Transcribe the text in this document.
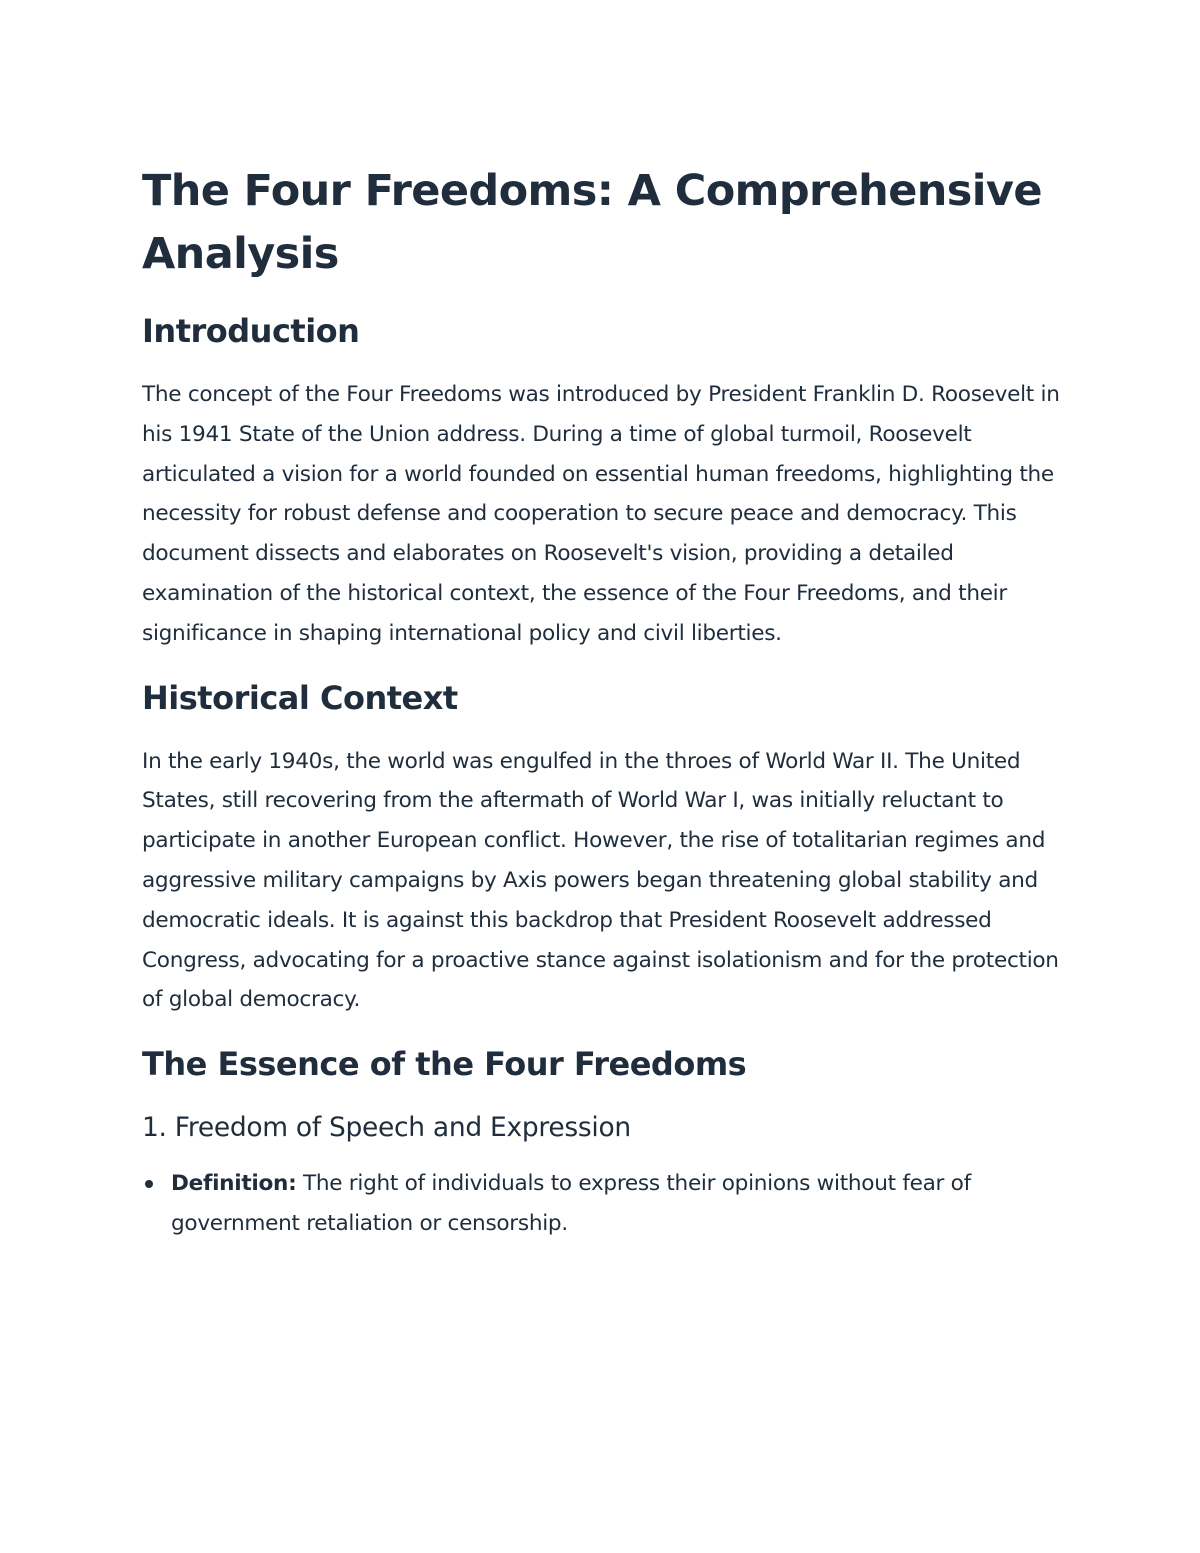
The Four Freedoms: A Comprehensive Analysis
Introduction

The concept of the Four Freedoms was introduced by President Franklin D. Roosevelt in his 1941 State of the Union address. During a time of global turmoil, Roosevelt articulated a vision for a world founded on essential human freedoms, highlighting the necessity for robust defense and cooperation to secure peace and democracy. This document dissects and elaborates on Roosevelt's vision, providing a detailed examination of the historical context, the essence of the Four Freedoms, and their significance in shaping international policy and civil liberties.

Historical Context

In the early 1940s, the world was engulfed in the throes of World War II. The United States, still recovering from the aftermath of World War I, was initially reluctant to participate in another European conflict. However, the rise of totalitarian regimes and aggressive military campaigns by Axis powers began threatening global stability and democratic ideals. It is against this backdrop that President Roosevelt addressed Congress, advocating for a proactive stance against isolationism and for the protection of global democracy.

The Essence of the Four Freedoms
1. Freedom of Speech and Expression
Definition: The right of individuals to express their opinions without fear of government retaliation or censorship.
